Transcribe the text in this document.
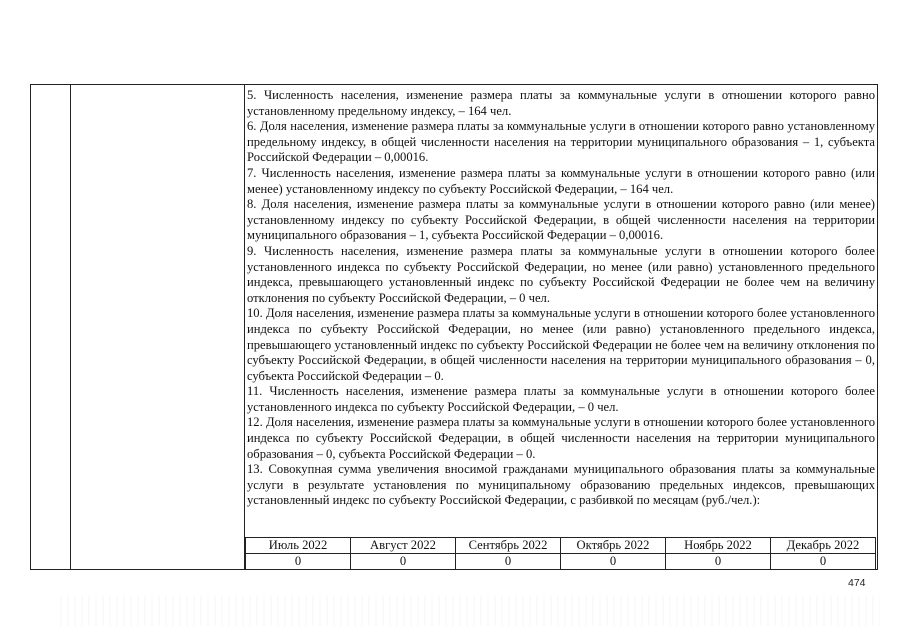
5. Численность населения, изменение размера платы за коммунальные услуги в отношении которого равно установленному предельному индексу, – 164 чел.

6. Доля населения, изменение размера платы за коммунальные услуги в отношении которого равно установленному предельному индексу, в общей численности населения на территории муниципального образования – 1, субъекта Российской Федерации – 0,00016.

7. Численность населения, изменение размера платы за коммунальные услуги в отношении которого равно (или менее) установленному индексу по субъекту Российской Федерации, – 164 чел.

8. Доля населения, изменение размера платы за коммунальные услуги в отношении которого равно (или менее) установленному индексу по субъекту Российской Федерации, в общей численности населения на территории муниципального образования – 1, субъекта Российской Федерации – 0,00016.

9. Численность населения, изменение размера платы за коммунальные услуги в отношении которого более установленного индекса по субъекту Российской Федерации, но менее (или равно) установленного предельного индекса, превышающего установленный индекс по субъекту Российской Федерации не более чем на величину отклонения по субъекту Российской Федерации, – 0 чел.

10. Доля населения, изменение размера платы за коммунальные услуги в отношении которого более установленного индекса по субъекту Российской Федерации, но менее (или равно) установленного предельного индекса, превышающего установленный индекс по субъекту Российской Федерации не более чем на величину отклонения по субъекту Российской Федерации, в общей численности населения на территории муниципального образования – 0, субъекта Российской Федерации – 0.

11. Численность населения, изменение размера платы за коммунальные услуги в отношении которого более установленного индекса по субъекту Российской Федерации, – 0 чел.

12. Доля населения, изменение размера платы за коммунальные услуги в отношении которого более установленного индекса по субъекту Российской Федерации, в общей численности населения на территории муниципального образования – 0, субъекта Российской Федерации – 0.

13. Совокупная сумма увеличения вносимой гражданами муниципального образования платы за коммунальные услуги в результате установления по муниципальному образованию предельных индексов, превышающих установленный индекс по субъекту Российской Федерации, с разбивкой по месяцам (руб./чел.):

Июль 2022	Август 2022	Сентябрь 2022	Октябрь 2022	Ноябрь 2022	Декабрь 2022
0	0	0	0	0	0
474
